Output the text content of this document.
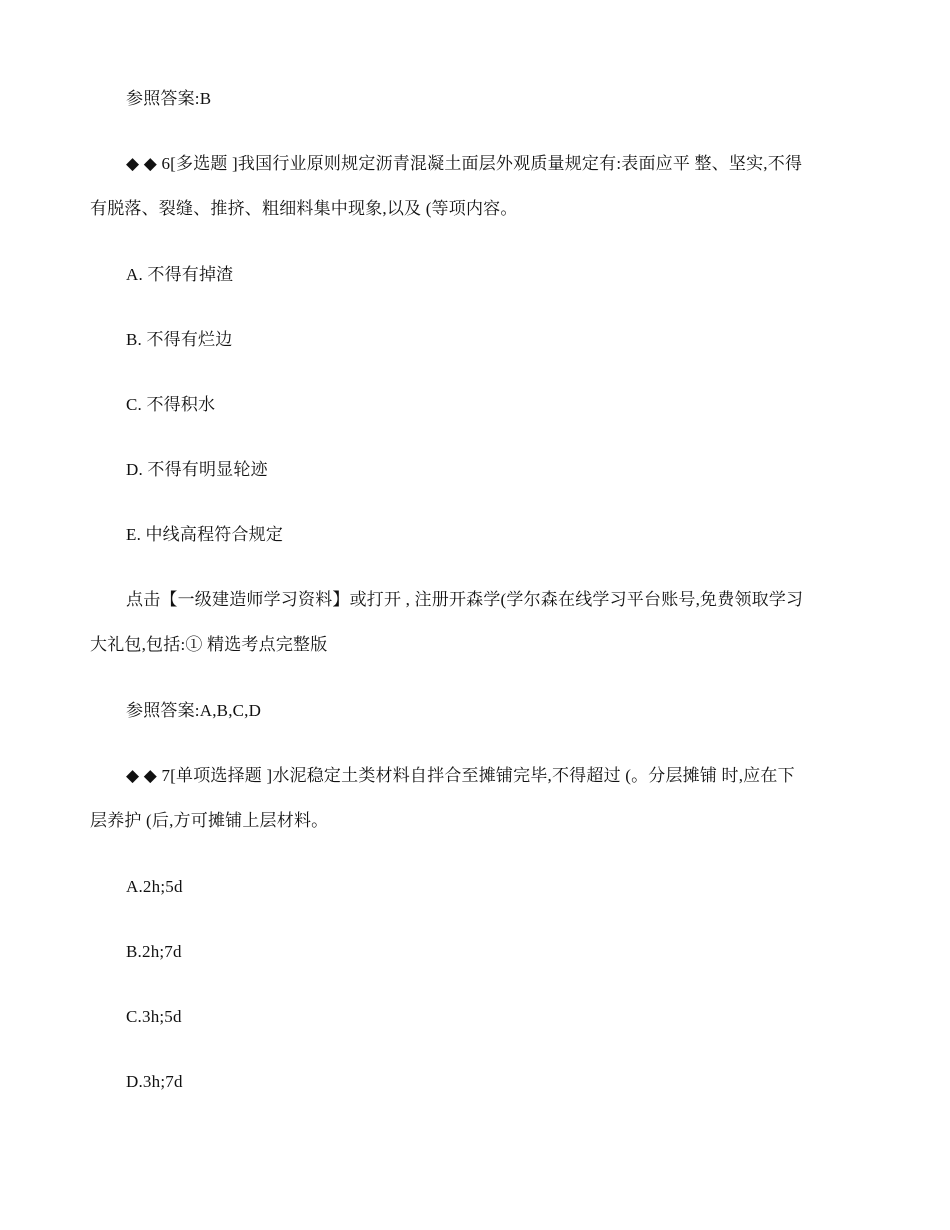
参照答案:B
◆ ◆ 6[多选题 ]我国行业原则规定沥青混凝土面层外观质量规定有:表面应平 整、坚实,不得
有脱落、裂缝、推挤、粗细料集中现象,以及 (等项内容。
A. 不得有掉渣
B. 不得有烂边
C. 不得积水
D. 不得有明显轮迹
E. 中线高程符合规定
点击【一级建造师学习资料】或打开 , 注册开森学(学尔森在线学习平台账号,免费领取学习
大礼包,包括:① 精选考点完整版
参照答案:A,B,C,D
◆ ◆ 7[单项选择题 ]水泥稳定土类材料自拌合至摊铺完毕,不得超过 (。分层摊铺 时,应在下
层养护 (后,方可摊铺上层材料。
A.2h;5d
B.2h;7d
C.3h;5d
D.3h;7d
